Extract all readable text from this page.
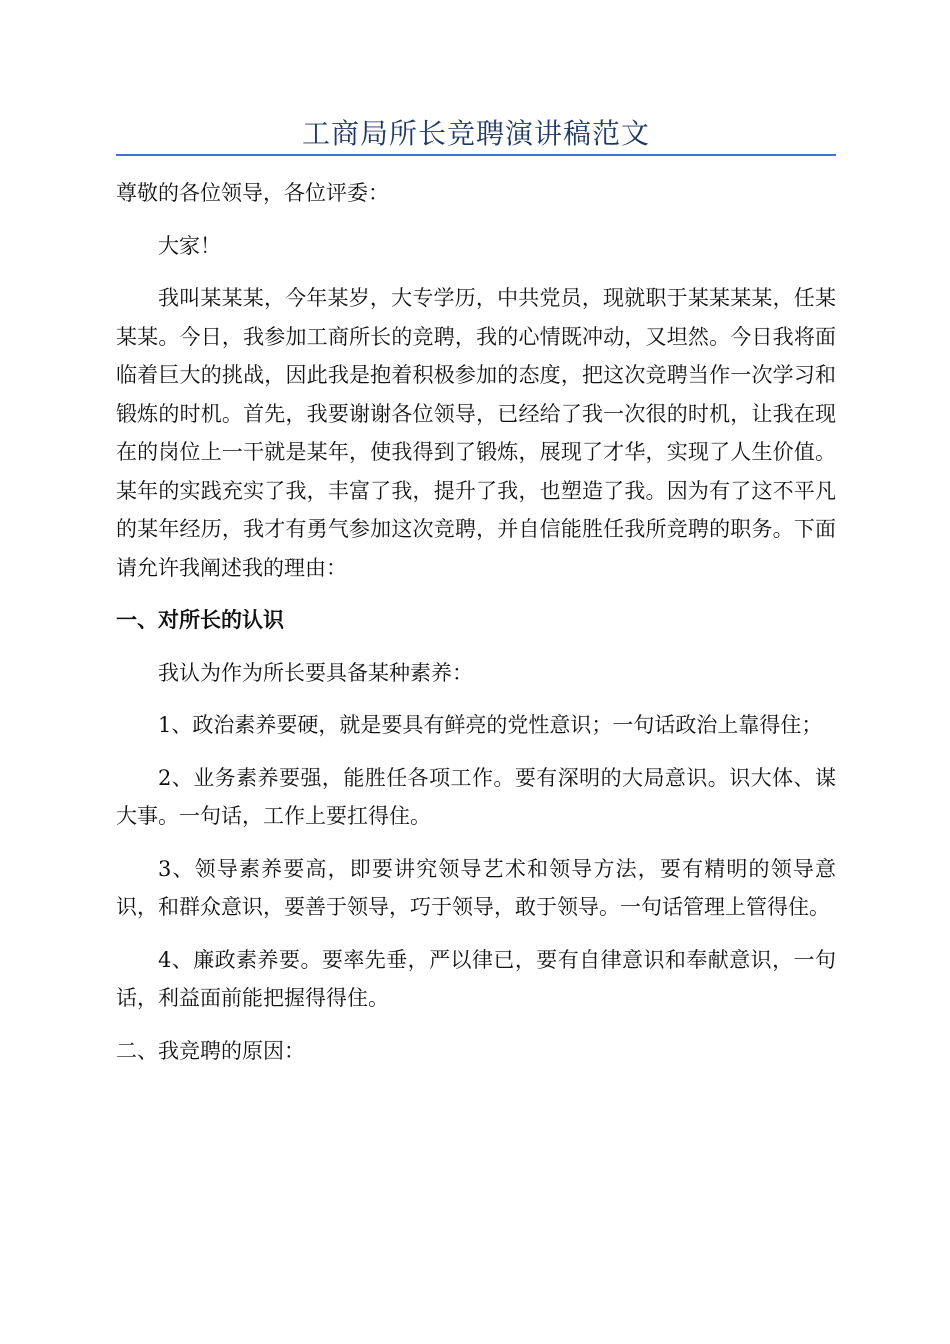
工商局所长竞聘演讲稿范文

尊敬的各位领导，各位评委：

大家！

我叫某某某，今年某岁，大专学历，中共党员，现就职于某某某某，任某某某。今日，我参加工商所长的竞聘，我的心情既冲动，又坦然。今日我将面临着巨大的挑战，因此我是抱着积极参加的态度，把这次竞聘当作一次学习和锻炼的时机。首先，我要谢谢各位领导，已经给了我一次很的时机，让我在现在的岗位上一干就是某年，使我得到了锻炼，展现了才华，实现了人生价值。某年的实践充实了我，丰富了我，提升了我，也塑造了我。因为有了这不平凡的某年经历，我才有勇气参加这次竞聘，并自信能胜任我所竞聘的职务。下面请允许我阐述我的理由：

一、对所长的认识

我认为作为所长要具备某种素养：

1、政治素养要硬，就是要具有鲜亮的党性意识；一句话政治上靠得住；

2、业务素养要强，能胜任各项工作。要有深明的大局意识。识大体、谋大事。一句话，工作上要扛得住。

3、领导素养要高，即要讲究领导艺术和领导方法，要有精明的领导意识，和群众意识，要善于领导，巧于领导，敢于领导。一句话管理上管得住。

4、廉政素养要。要率先垂，严以律已，要有自律意识和奉献意识，一句话，利益面前能把握得得住。

二、我竞聘的原因：
